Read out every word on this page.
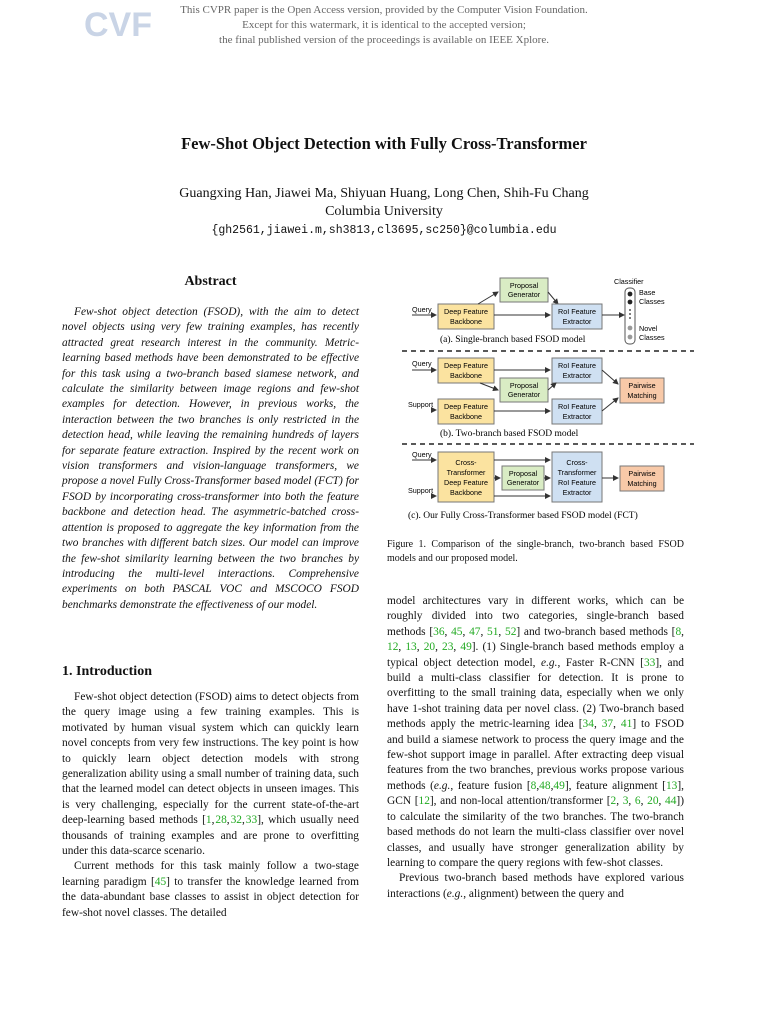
This CVPR paper is the Open Access version, provided by the Computer Vision Foundation.
Except for this watermark, it is identical to the accepted version;
the final published version of the proceedings is available on IEEE Xplore.
CVF
Few-Shot Object Detection with Fully Cross-Transformer
Guangxing Han, Jiawei Ma, Shiyuan Huang, Long Chen, Shih-Fu Chang
Columbia University
{gh2561,jiawei.m,sh3813,cl3695,sc250}@columbia.edu
Abstract

Few-shot object detection (FSOD), with the aim to detect novel objects using very few training examples, has recently attracted great research interest in the community. Metric-learning based methods have been demonstrated to be effective for this task using a two-branch based siamese network, and calculate the similarity between image regions and few-shot examples for detection. However, in previous works, the interaction between the two branches is only restricted in the detection head, while leaving the remaining hundreds of layers for separate feature extraction. Inspired by the recent work on vision transformers and vision-language transformers, we propose a novel Fully Cross-Transformer based model (FCT) for FSOD by incorporating cross-transformer into both the feature backbone and detection head. The asymmetric-batched cross-attention is proposed to aggregate the key information from the two branches with different batch sizes. Our model can improve the few-shot similarity learning between the two branches by introducing the multi-level interactions. Comprehensive experiments on both PASCAL VOC and MSCOCO FSOD benchmarks demonstrate the effectiveness of our model.

1. Introduction

Few-shot object detection (FSOD) aims to detect objects from the query image using a few training examples. This is motivated by human visual system which can quickly learn novel concepts from very few instructions. The key point is how to quickly learn object detection models with strong generalization ability using a small number of training data, such that the learned model can detect objects in unseen images. This is very challenging, especially for the current state-of-the-art deep-learning based methods [1, 28, 32, 33], which usually need thousands of training examples and are prone to overfitting under this data-scarce scenario.

Current methods for this task mainly follow a two-stage learning paradigm [45] to transfer the knowledge learned from the data-abundant base classes to assist in object detection for few-shot novel classes. The detailed

Proposal
Generator
Query Deep Feature
Backbone
RoI Feature
Extractor
Classifier
Base
Classes
Novel
Classes
(a). Single-branch based FSOD model
Query Deep Feature
Backbone
Proposal
Generator
RoI Feature
Extractor
Support Deep Feature
Backbone
RoI Feature
Extractor
Pairwise
Matching
(b). Two-branch based FSOD model
Query
Support
Cross-
Transformer
Deep Feature
Backbone
Proposal
Generator
Cross-
Transformer
RoI Feature
Extractor
Pairwise
Matching
(c). Our Fully Cross-Transformer based FSOD model (FCT)
Figure 1. Comparison of the single-branch, two-branch based FSOD models and our proposed model.

model architectures vary in different works, which can be roughly divided into two categories, single-branch based methods [36, 45, 47, 51, 52] and two-branch based methods [8, 12, 13, 20, 23, 49]. (1) Single-branch based methods employ a typical object detection model, e.g., Faster R-CNN [33], and build a multi-class classifier for detection. It is prone to overfitting to the small training data, especially when we only have 1-shot training data per novel class. (2) Two-branch based methods apply the metric-learning idea [34, 37, 41] to FSOD and build a siamese network to process the query image and the few-shot support image in parallel. After extracting deep visual features from the two branches, previous works propose various methods (e.g., feature fusion [8,48,49], feature alignment [13], GCN [12], and non-local attention/transformer [2, 3, 6, 20, 44]) to calculate the similarity of the two branches. The two-branch based methods do not learn the multi-class classifier over novel classes, and usually have stronger generalization ability by learning to compare the query regions with few-shot classes.

Previous two-branch based methods have explored various interactions (e.g., alignment) between the query and
